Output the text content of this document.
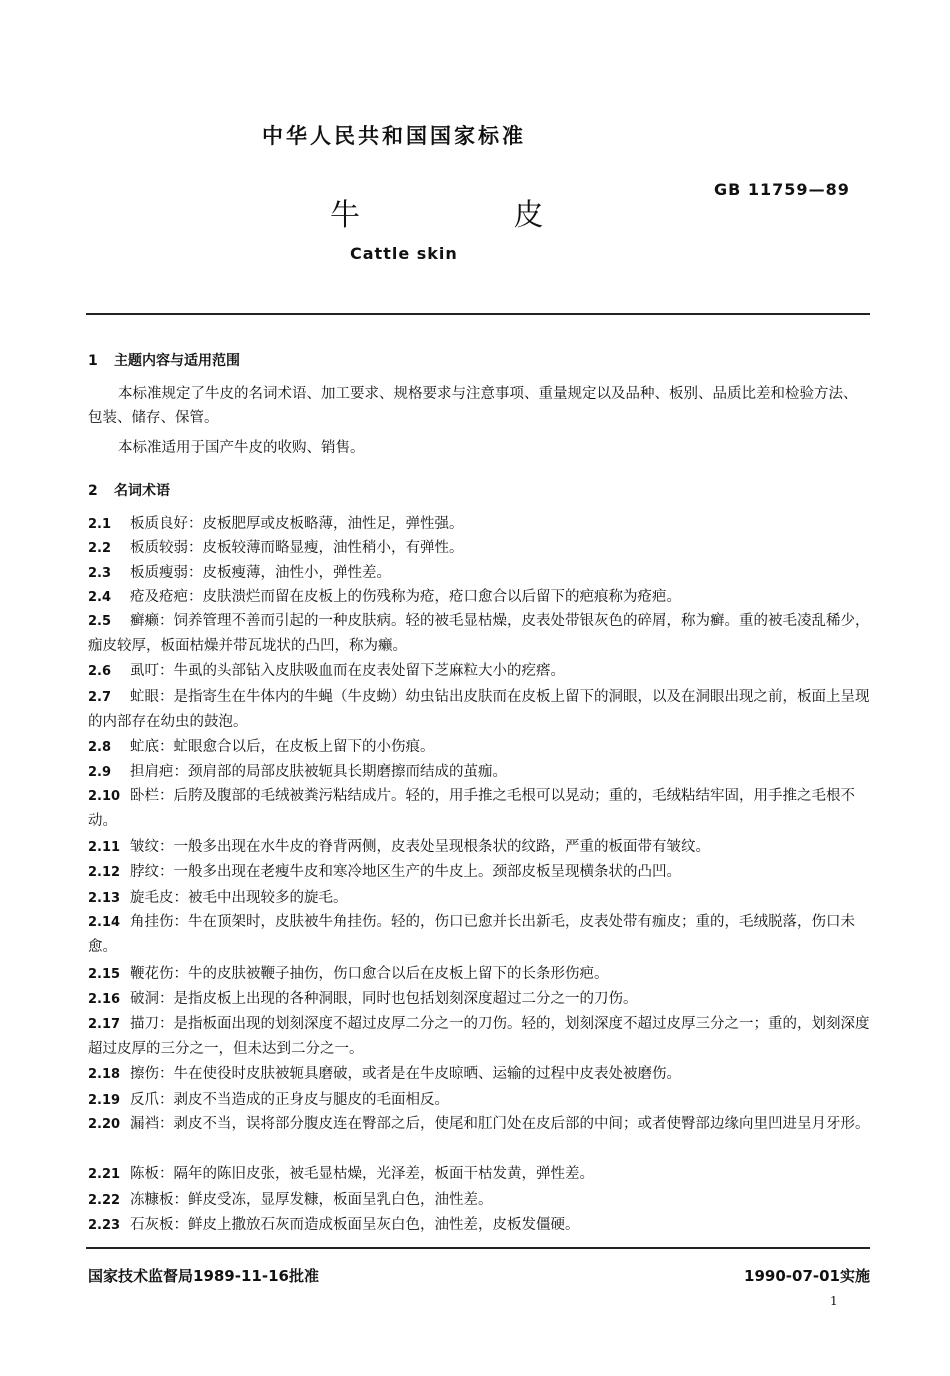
中华人民共和国国家标准
GB 11759—89
牛 皮
Cattle skin
1 主题内容与适用范围
本标准规定了牛皮的名词术语、加工要求、规格要求与注意事项、重量规定以及品种、板别、品质比差和检验方法、包装、储存、保管。
本标准适用于国产牛皮的收购、销售。
2 名词术语
2.1 板质良好：皮板肥厚或皮板略薄，油性足，弹性强。
2.2 板质较弱：皮板较薄而略显瘦，油性稍小，有弹性。
2.3 板质瘦弱：皮板瘦薄，油性小，弹性差。
2.4 疮及疮疤：皮肤溃烂而留在皮板上的伤残称为疮，疮口愈合以后留下的疤痕称为疮疤。
2.5 癣癞：饲养管理不善而引起的一种皮肤病。轻的被毛显枯燥，皮表处带银灰色的碎屑，称为癣。重的被毛凌乱稀少，痂皮较厚，板面枯燥并带瓦垅状的凸凹，称为癞。
2.6 虱叮：牛虱的头部钻入皮肤吸血而在皮表处留下芝麻粒大小的疙瘩。
2.7 虻眼：是指寄生在牛体内的牛蝇（牛皮蚴）幼虫钻出皮肤而在皮板上留下的洞眼，以及在洞眼出现之前，板面上呈现的内部存在幼虫的鼓泡。
2.8 虻底：虻眼愈合以后，在皮板上留下的小伤痕。
2.9 担肩疤：颈肩部的局部皮肤被轭具长期磨擦而结成的茧痂。
2.10 卧栏：后胯及腹部的毛绒被粪污粘结成片。轻的，用手推之毛根可以晃动；重的，毛绒粘结牢固，用手推之毛根不动。
2.11 皱纹：一般多出现在水牛皮的脊背两侧，皮表处呈现根条状的纹路，严重的板面带有皱纹。
2.12 脖纹：一般多出现在老瘦牛皮和寒冷地区生产的牛皮上。颈部皮板呈现横条状的凸凹。
2.13 旋毛皮：被毛中出现较多的旋毛。
2.14 角挂伤：牛在顶架时，皮肤被牛角挂伤。轻的，伤口已愈并长出新毛，皮表处带有痂皮；重的，毛绒脱落，伤口未愈。
2.15 鞭花伤：牛的皮肤被鞭子抽伤，伤口愈合以后在皮板上留下的长条形伤疤。
2.16 破洞：是指皮板上出现的各种洞眼，同时也包括划刻深度超过二分之一的刀伤。
2.17 描刀：是指板面出现的划刻深度不超过皮厚二分之一的刀伤。轻的，划刻深度不超过皮厚三分之一；重的，划刻深度超过皮厚的三分之一，但未达到二分之一。
2.18 擦伤：牛在使役时皮肤被轭具磨破，或者是在牛皮晾晒、运输的过程中皮表处被磨伤。
2.19 反爪：剥皮不当造成的正身皮与腿皮的毛面相反。
2.20 漏裆：剥皮不当，误将部分腹皮连在臀部之后，使尾和肛门处在皮后部的中间；或者使臀部边缘向里凹进呈月牙形。
2.21 陈板：隔年的陈旧皮张，被毛显枯燥，光泽差，板面干枯发黄，弹性差。
2.22 冻糠板：鲜皮受冻，显厚发糠，板面呈乳白色，油性差。
2.23 石灰板：鲜皮上撒放石灰而造成板面呈灰白色，油性差，皮板发僵硬。
国家技术监督局1989-11-16批准	1990-07-01实施
1
